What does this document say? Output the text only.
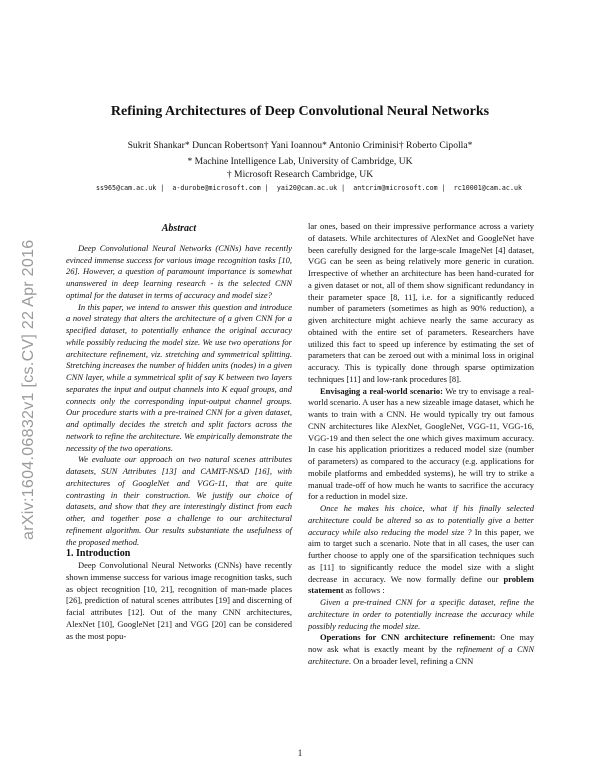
Refining Architectures of Deep Convolutional Neural Networks
Sukrit Shankar* Duncan Robertson† Yani Ioannou* Antonio Criminisi† Roberto Cipolla*
* Machine Intelligence Lab, University of Cambridge, UK
† Microsoft Research Cambridge, UK
ss965@cam.ac.uk | a-durobe@microsoft.com | yai20@cam.ac.uk | antcrim@microsoft.com | rc10001@cam.ac.uk
arXiv:1604.06832v1 [cs.CV] 22 Apr 2016

Abstract

Deep Convolutional Neural Networks (CNNs) have recently evinced immense success for various image recognition tasks [10, 26]. However, a question of paramount importance is somewhat unanswered in deep learning research - is the selected CNN optimal for the dataset in terms of accuracy and model size?

In this paper, we intend to answer this question and introduce a novel strategy that alters the architecture of a given CNN for a specified dataset, to potentially enhance the original accuracy while possibly reducing the model size. We use two operations for architecture refinement, viz. stretching and symmetrical splitting. Stretching increases the number of hidden units (nodes) in a given CNN layer, while a symmetrical split of say K between two layers separates the input and output channels into K equal groups, and connects only the corresponding input-output channel groups. Our procedure starts with a pre-trained CNN for a given dataset, and optimally decides the stretch and split factors across the network to refine the architecture. We empirically demonstrate the necessity of the two operations.

We evaluate our approach on two natural scenes attributes datasets, SUN Attributes [13] and CAMIT-NSAD [16], with architectures of GoogleNet and VGG-11, that are quite contrasting in their construction. We justify our choice of datasets, and show that they are interestingly distinct from each other, and together pose a challenge to our architectural refinement algorithm. Our results substantiate the usefulness of the proposed method.

1. Introduction

Deep Convolutional Neural Networks (CNNs) have recently shown immense success for various image recognition tasks, such as object recognition [10, 21], recognition of man-made places [26], prediction of natural scenes attributes [19] and discerning of facial attributes [12]. Out of the many CNN architectures, AlexNet [10], GoogleNet [21] and VGG [20] can be considered as the most popu-

lar ones, based on their impressive performance across a variety of datasets. While architectures of AlexNet and GoogleNet have been carefully designed for the large-scale ImageNet [4] dataset, VGG can be seen as being relatively more generic in curation. Irrespective of whether an architecture has been hand-curated for a given dataset or not, all of them show significant redundancy in their parameter space [8, 11], i.e. for a significantly reduced number of parameters (sometimes as high as 90% reduction), a given architecture might achieve nearly the same accuracy as obtained with the entire set of parameters. Researchers have utilized this fact to speed up inference by estimating the set of parameters that can be zeroed out with a minimal loss in original accuracy. This is typically done through sparse optimization techniques [11] and low-rank procedures [8].

Envisaging a real-world scenario: We try to envisage a real-world scenario. A user has a new sizeable image dataset, which he wants to train with a CNN. He would typically try out famous CNN architectures like AlexNet, GoogleNet, VGG-11, VGG-16, VGG-19 and then select the one which gives maximum accuracy. In case his application prioritizes a reduced model size (number of parameters) as compared to the accuracy (e.g. applications for mobile platforms and embedded systems), he will try to strike a manual trade-off of how much he wants to sacrifice the accuracy for a reduction in model size.

Once he makes his choice, what if his finally selected architecture could be altered so as to potentially give a better accuracy while also reducing the model size ? In this paper, we aim to target such a scenario. Note that in all cases, the user can further choose to apply one of the sparsification techniques such as [11] to significantly reduce the model size with a slight decrease in accuracy. We now formally define our problem statement as follows :

Given a pre-trained CNN for a specific dataset, refine the architecture in order to potentially increase the accuracy while possibly reducing the model size.

Operations for CNN architecture refinement: One may now ask what is exactly meant by the refinement of a CNN architecture. On a broader level, refining a CNN

1
